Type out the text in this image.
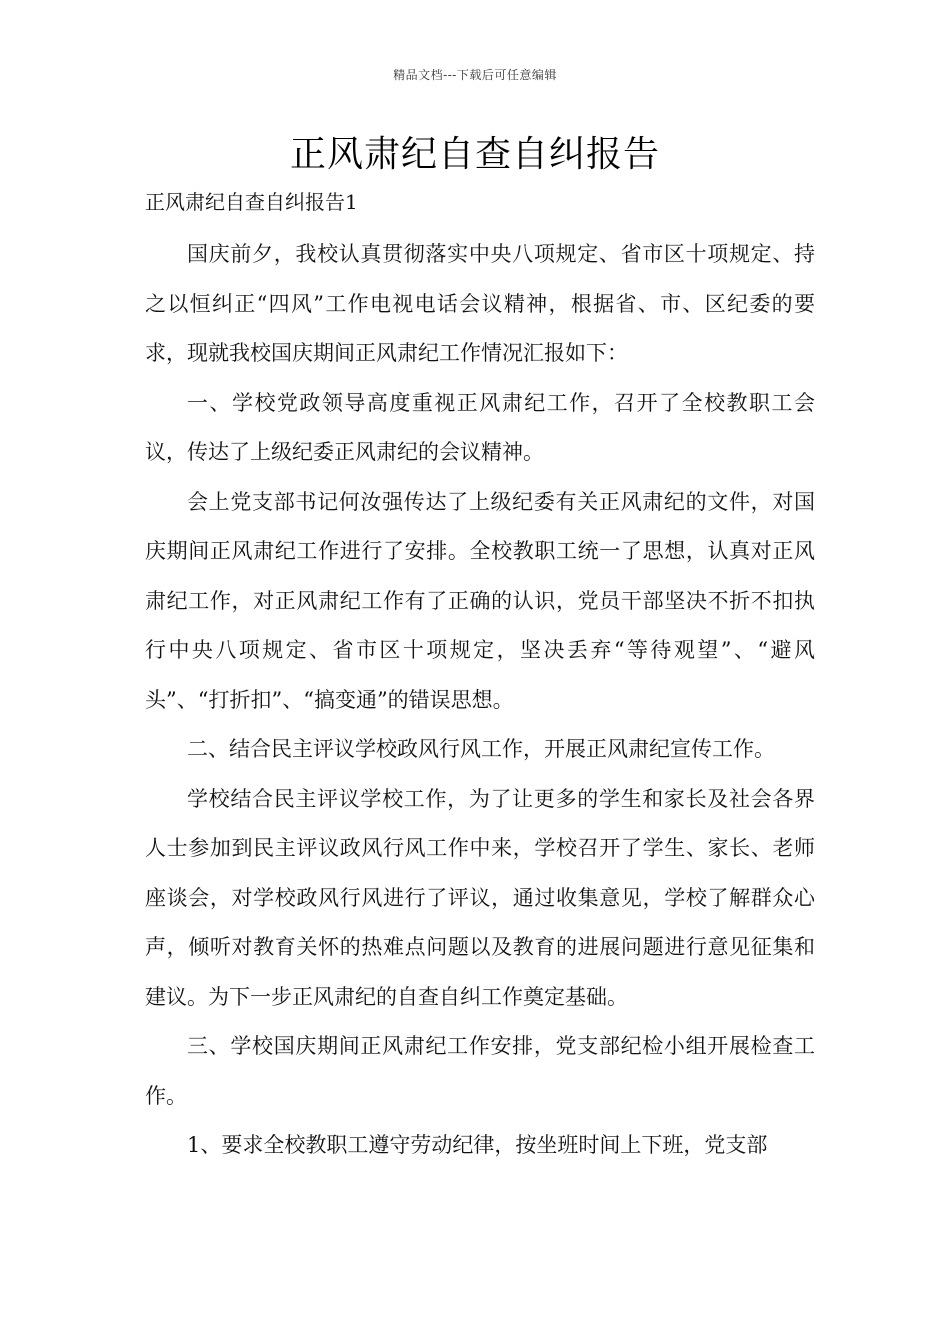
精品文档---下载后可任意编辑
正风肃纪自查自纠报告
正风肃纪自查自纠报告1

国庆前夕，我校认真贯彻落实中央八项规定、省市区十项规定、持之以恒纠正“四风”工作电视电话会议精神，根据省、市、区纪委的要求，现就我校国庆期间正风肃纪工作情况汇报如下：

一、学校党政领导高度重视正风肃纪工作，召开了全校教职工会议，传达了上级纪委正风肃纪的会议精神。

会上党支部书记何汝强传达了上级纪委有关正风肃纪的文件，对国庆期间正风肃纪工作进行了安排。全校教职工统一了思想，认真对正风肃纪工作，对正风肃纪工作有了正确的认识，党员干部坚决不折不扣执行中央八项规定、省市区十项规定，坚决丢弃“等待观望”、“避风头”、“打折扣”、“搞变通”的错误思想。

二、结合民主评议学校政风行风工作，开展正风肃纪宣传工作。

学校结合民主评议学校工作，为了让更多的学生和家长及社会各界人士参加到民主评议政风行风工作中来，学校召开了学生、家长、老师座谈会，对学校政风行风进行了评议，通过收集意见，学校了解群众心声，倾听对教育关怀的热难点问题以及教育的进展问题进行意见征集和建议。为下一步正风肃纪的自查自纠工作奠定基础。

三、学校国庆期间正风肃纪工作安排，党支部纪检小组开展检查工作。

1、要求全校教职工遵守劳动纪律，按坐班时间上下班，党支部
